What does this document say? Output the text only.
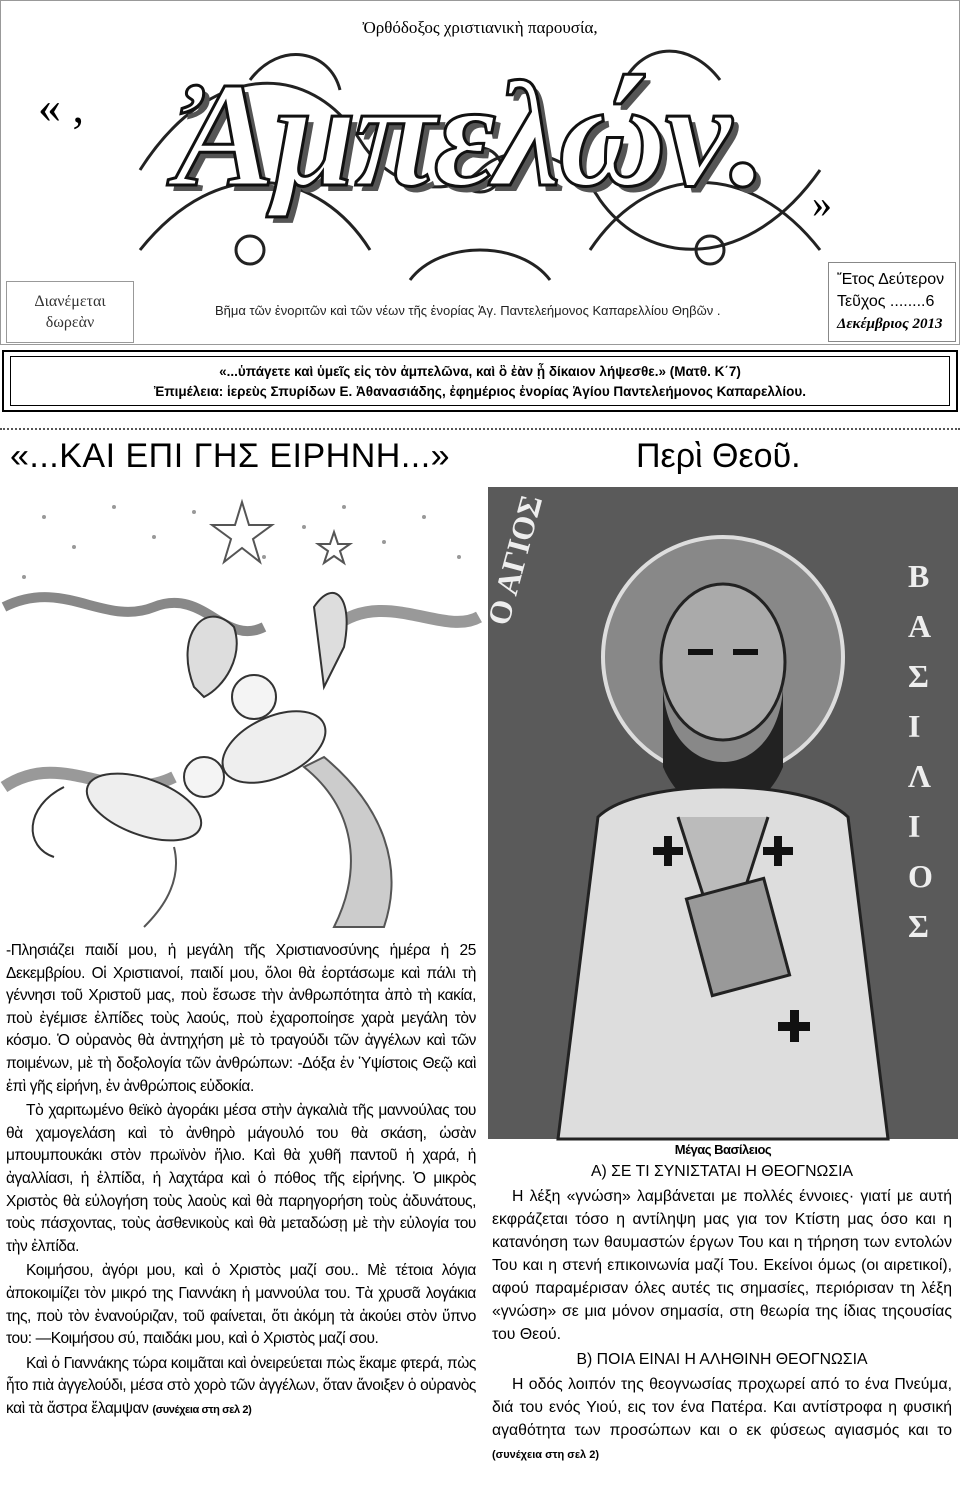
Ὀρθόδοξος χριστιανικὴ παρουσία,
« , Ἀμπελών.	»
Διανέμεται
δωρεὰν
Βῆμα τῶν ἐνοριτῶν καὶ τῶν νέων τῆς ἐνορίας Ἁγ. Παντελεήμονος Καπαρελλίου Θηβῶν .
Ἔτος Δεύτερον
Τεῦχος ........6
Δεκέμβριος 2013
«...ὑπάγετε καὶ ὑμεῖς εἰς τὸν ἀμπελῶνα, καὶ ὃ ἐὰν ᾖ δίκαιον λήψεσθε.» (Ματθ. Κ΄7)
Ἐπιμέλεια: ἱερεὺς Σπυρίδων Ε. Ἀθανασιάδης, ἐφημέριος ἐνορίας Ἁγίου Παντελεήμονος Καπαρελλίου.
«...ΚΑΙ ΕΠΙ ΓΗΣ ΕΙΡΗΝΗ...»	Περὶ Θεοῦ.
Ο ΑΓΙΟΣ	Β
Α
Σ
Ι
Λ
Ι
Ο
Σ
Μέγας Βασίλειος

-Πλησιάζει παιδί μου, ἡ μεγάλη τῆς Χριστιανοσύνης ἡμέρα ἡ 25 Δεκεμβρίου. Οἱ Χριστιανοί, παιδί μου, ὅλοι θὰ ἑορτάσωμε καὶ πάλι τὴ γέννησι τοῦ Χριστοῦ μας, ποὺ ἔσωσε τὴν ἀνθρωπότητα ἀπὸ τὴ κακία, ποὺ ἐγέμισε ἐλπίδες τοὺς λαούς, ποὺ ἐχαροποίησε χαρὰ μεγάλη τὸν κόσμο. Ὁ οὐρανὸς θὰ ἀντηχήση μὲ τὸ τραγούδι τῶν ἀγγέλων καὶ τῶν ποιμένων, μὲ τὴ δοξολογία τῶν ἀνθρώπων: -Δόξα ἐν Ὑψίστοις Θεῷ καὶ ἐπὶ γῆς εἰρήνη, ἐν ἀνθρώποις εὐδοκία.

Τὸ χαριτωμένο θεϊκὸ ἀγοράκι μέσα στὴν ἀγκαλιὰ τῆς μαννούλας του θὰ χαμογελάση καὶ τὸ ἀνθηρὸ μάγουλό του θὰ σκάση, ὡσὰν μπουμπουκάκι στὸν πρωϊνὸν ἥλιο. Καὶ θὰ χυθῆ παντοῦ ἡ χαρά, ἡ ἀγαλλίασι, ἡ ἐλπίδα, ἡ λαχτάρα καὶ ὁ πόθος τῆς εἰρήνης. Ὁ μικρὸς Χριστὸς θὰ εὐλογήση τοὺς λαοὺς καὶ θὰ παρηγορήση τοὺς ἀδυνάτους, τοὺς πάσχοντας, τοὺς ἀσθενικοὺς καὶ θὰ μεταδώσῃ μὲ τὴν εὐλογία του τὴν ἐλπίδα.

Κοιμήσου, ἀγόρι μου, καὶ ὁ Χριστὸς μαζί σου.. Μὲ τέτοια λόγια ἀποκοιμίζει τὸν μικρό της Γιαννάκη ἡ μαννούλα του. Τὰ χρυσᾶ λογάκια της, ποὺ τὸν ἐνανούριζαν, τοῦ φαίνεται, ὅτι ἀκόμη τὰ ἀκούει στὸν ὕπνο του: —Κοιμήσου σύ, παιδάκι μου, καὶ ὁ Χριστὸς μαζί σου.

Καὶ ὁ Γιαννάκης τώρα κοιμᾶται καὶ ὀνειρεύεται πὼς ἔκαμε φτερά, πὼς ἦτο πιὰ ἀγγελούδι, μέσα στὸ χορὸ τῶν ἀγγέλων, ὅταν ἄνοιξεν ὁ οὐρανὸς καὶ τὰ ἄστρα ἔλαμψαν (συνέχεια στη σελ 2)

Α) ΣΕ ΤΙ ΣΥΝΙΣΤΑΤΑΙ Η ΘΕΟΓΝΩΣΙΑ

Η λέξη «γνώση» λαμβάνεται με πολλές έννοιες· γιατί με αυτή εκφράζεται τόσο η αντίληψη μας για τον Κτίστη μας όσο και η κατανόηση των θαυμαστών έργων Του και η τήρηση των εντολών Του και η στενή επικοινωνία μαζί Του. Εκείνοι όμως (οι αιρετικοί), αφού παραμέρισαν όλες αυτές τις σημασίες, περιόρισαν τη λέξη «γνώση» σε μια μόνον σημασία, στη θεωρία της ίδιας τηςουσίας του Θεού.

Β) ΠΟΙΑ ΕΙΝΑΙ Η ΑΛΗΘΙΝΗ ΘΕΟΓΝΩΣΙΑ

Η οδός λοιπόν της θεογνωσίας προχωρεί από το ένα Πνεύμα, διά του ενός Υιού, εις τον ένα Πατέρα. Και αντίστροφα η φυσική αγαθότητα των προσώπων και ο εκ φύσεως αγιασμός και το (συνέχεια στη σελ 2)
